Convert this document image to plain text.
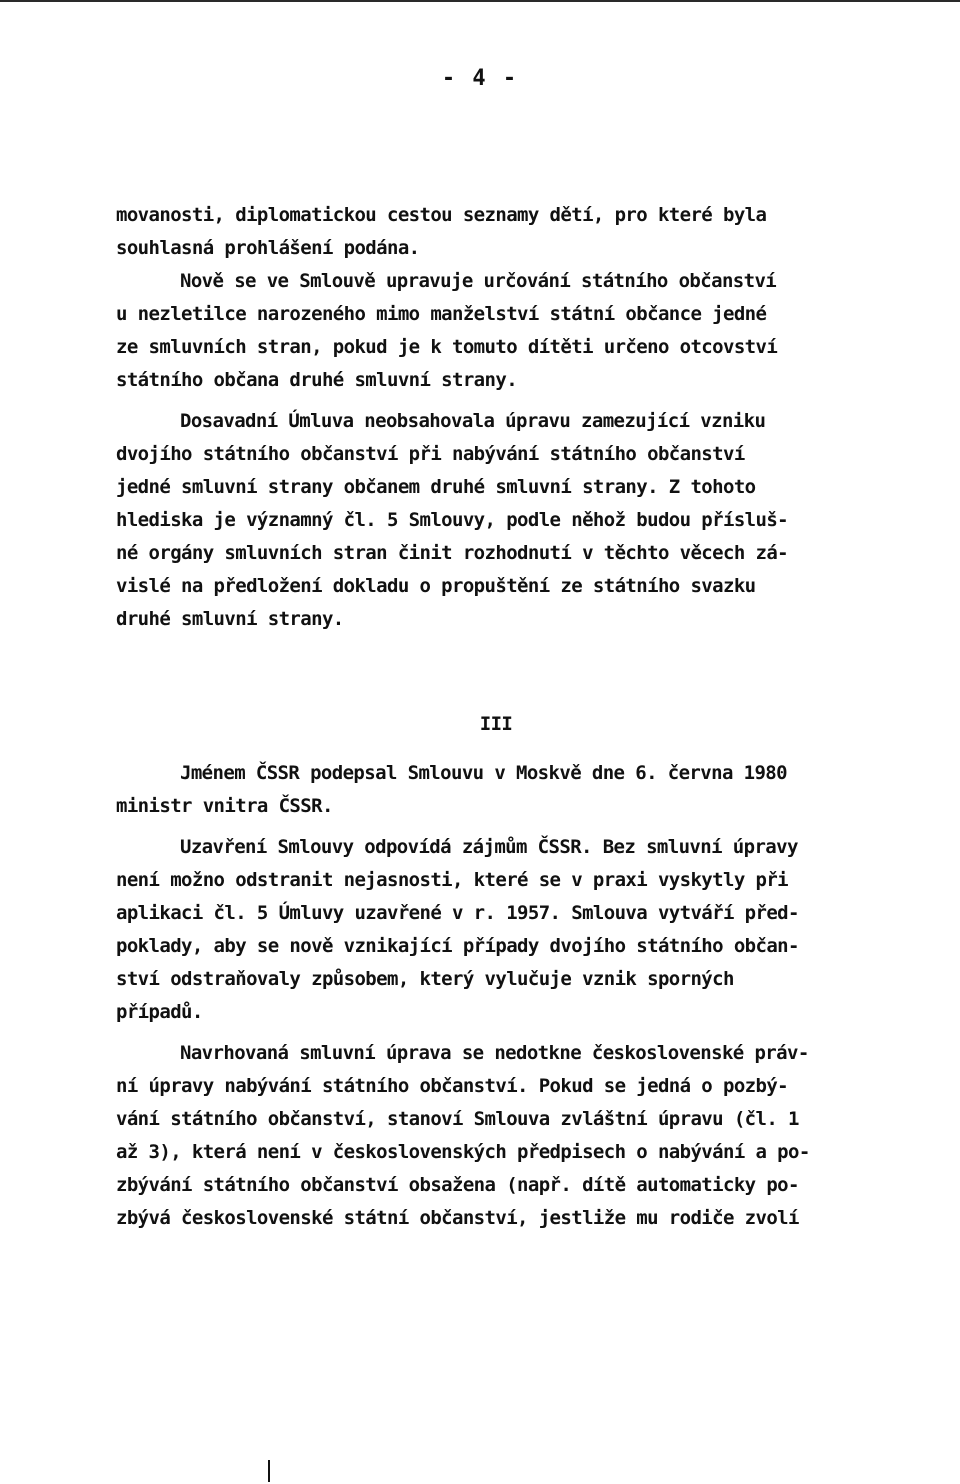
- 4 -
movanosti, diplomatickou cestou seznamy dětí, pro které byla
souhlasná prohlášení podána.
Nově se ve Smlouvě upravuje určování státního občanství
u nezletilce narozeného mimo manželství státní občance jedné
ze smluvních stran, pokud je k tomuto dítěti určeno otcovství
státního občana druhé smluvní strany.
Dosavadní Úmluva neobsahovala úpravu zamezující vzniku
dvojího státního občanství při nabývání státního občanství
jedné smluvní strany občanem druhé smluvní strany. Z tohoto
hlediska je významný čl. 5 Smlouvy, podle něhož budou přísluš-
né orgány smluvních stran činit rozhodnutí v těchto věcech zá-
vislé na předložení dokladu o propuštění ze státního svazku
druhé smluvní strany.
III
Jménem ČSSR podepsal Smlouvu v Moskvě dne 6. června 1980
ministr vnitra ČSSR.
Uzavření Smlouvy odpovídá zájmům ČSSR. Bez smluvní úpravy
není možno odstranit nejasnosti, které se v praxi vyskytly při
aplikaci čl. 5 Úmluvy uzavřené v r. 1957. Smlouva vytváří před-
poklady, aby se nově vznikající případy dvojího státního občan-
ství odstraňovaly způsobem, který vylučuje vznik sporných
případů.
Navrhovaná smluvní úprava se nedotkne československé práv-
ní úpravy nabývání státního občanství. Pokud se jedná o pozbý-
vání státního občanství, stanoví Smlouva zvláštní úpravu (čl. 1
až 3), která není v československých předpisech o nabývání a po-
zbývání státního občanství obsažena (např. dítě automaticky po-
zbývá československé státní občanství, jestliže mu rodiče zvolí
